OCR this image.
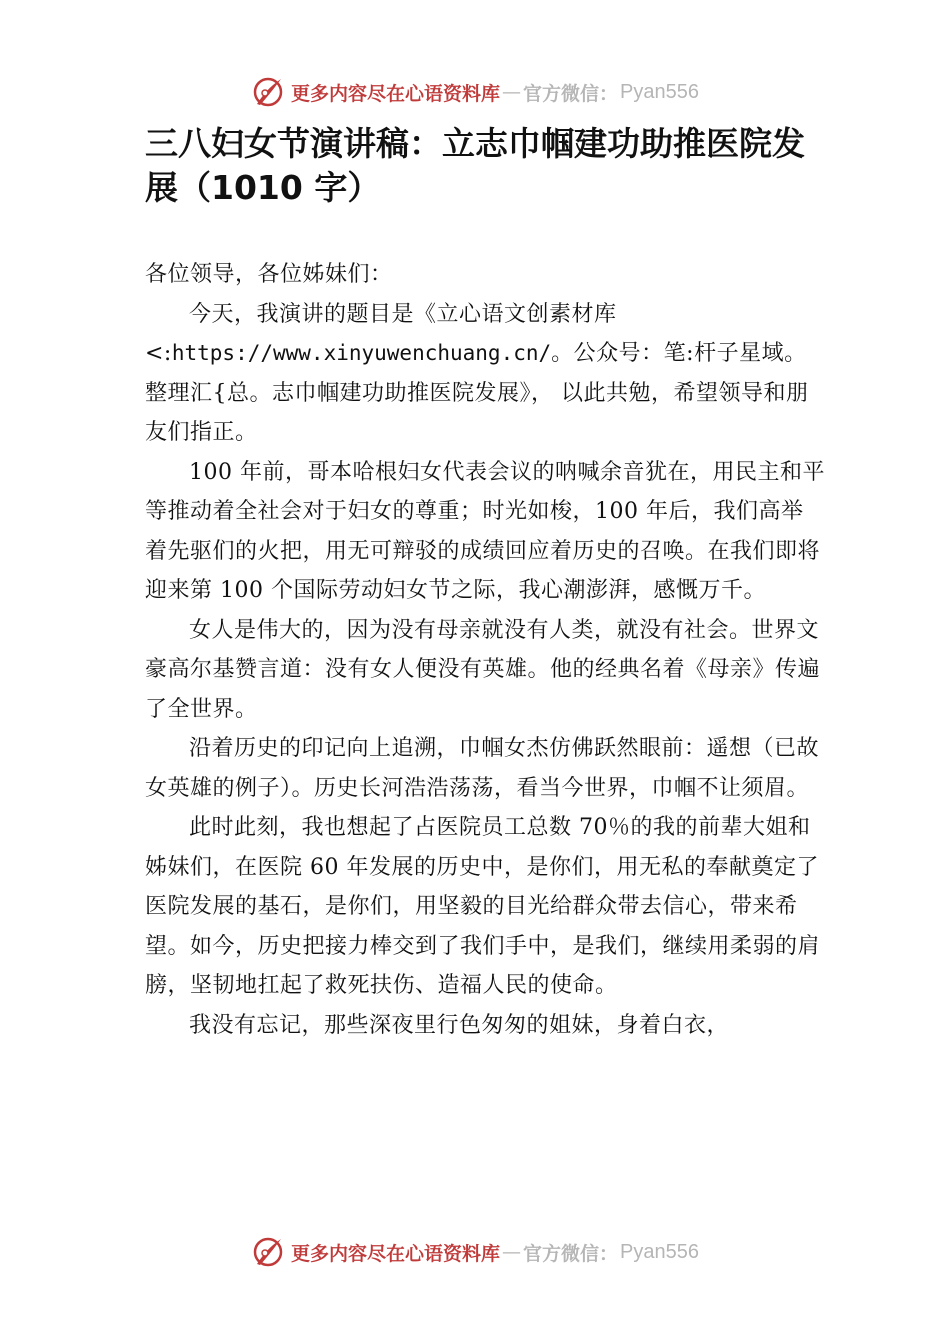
更多内容尽在心语资料库 — 官方微信： Pyan556
三八妇女节演讲稿：立志巾帼建功助推医院发展（1010 字）

各位领导，各位姊妹们：

今天，我演讲的题目是《立心语文创素材库<:https://www.xinyuwenchuang.cn/。公众号：笔:杆子星域。整理汇{总。志巾帼建功助推医院发展》， 以此共勉，希望领导和朋友们指正。

100 年前，哥本哈根妇女代表会议的呐喊余音犹在，用民主和平等推动着全社会对于妇女的尊重；时光如梭，100 年后，我们高举着先驱们的火把，用无可辩驳的成绩回应着历史的召唤。在我们即将迎来第 100 个国际劳动妇女节之际，我心潮澎湃，感慨万千。

女人是伟大的，因为没有母亲就没有人类，就没有社会。世界文豪高尔基赞言道：没有女人便没有英雄。他的经典名着《母亲》传遍了全世界。

沿着历史的印记向上追溯，巾帼女杰仿佛跃然眼前：遥想（已故女英雄的例子）。历史长河浩浩荡荡，看当今世界，巾帼不让须眉。

此时此刻，我也想起了占医院员工总数 70％的我的前辈大姐和姊妹们，在医院 60 年发展的历史中，是你们，用无私的奉献奠定了医院发展的基石，是你们，用坚毅的目光给群众带去信心，带来希望。如今，历史把接力棒交到了我们手中，是我们，继续用柔弱的肩膀，坚韧地扛起了救死扶伤、造福人民的使命。

我没有忘记，那些深夜里行色匆匆的姐妹，身着白衣，

更多内容尽在心语资料库 — 官方微信： Pyan556
